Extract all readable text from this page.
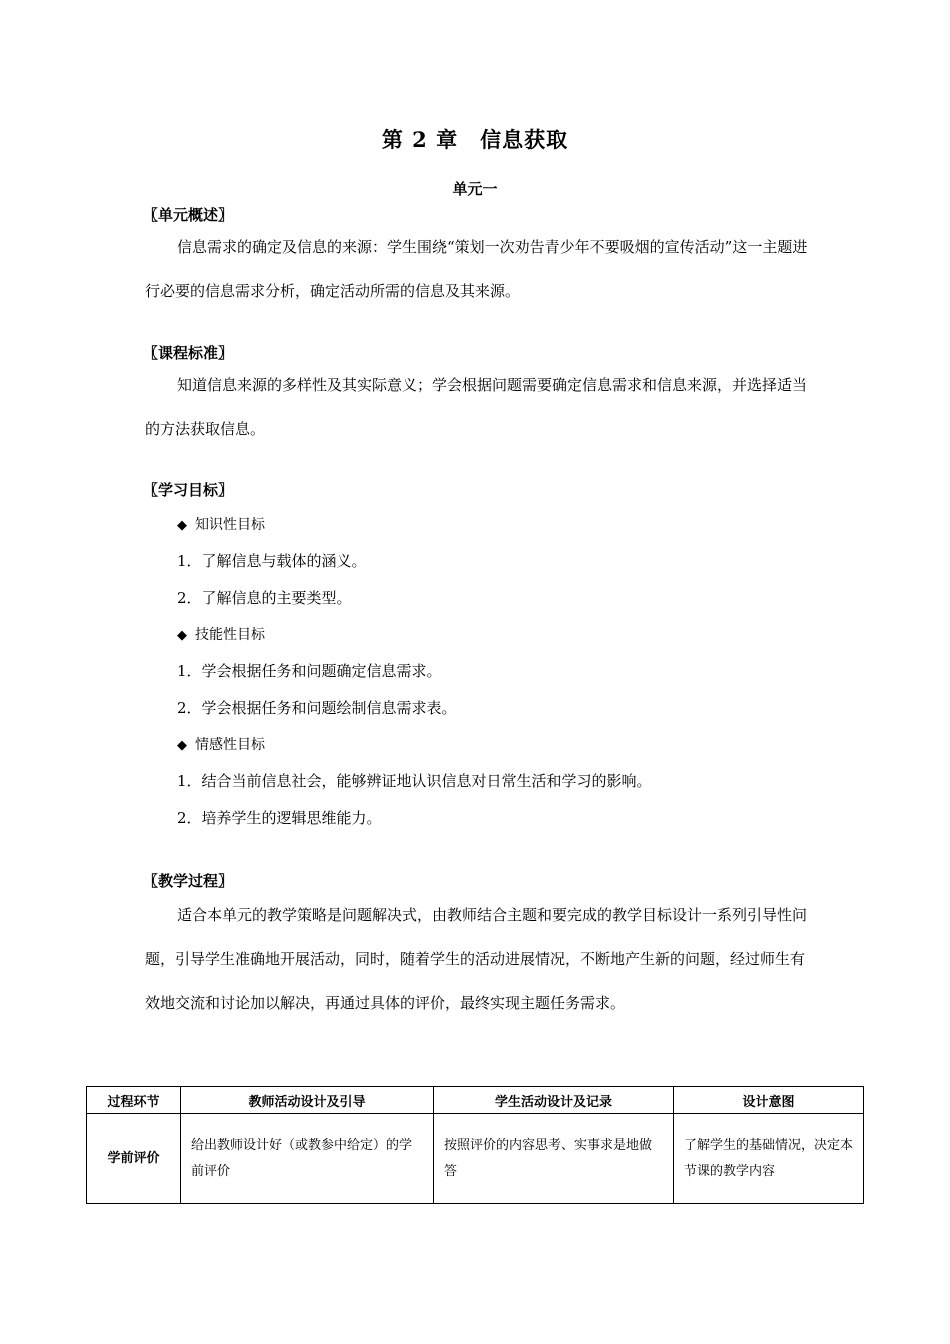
第 2 章 信息获取
单元一
〖单元概述〗

信息需求的确定及信息的来源：学生围绕“策划一次劝告青少年不要吸烟的宣传活动”这一主题进行必要的信息需求分析，确定活动所需的信息及其来源。

〖课程标准〗

知道信息来源的多样性及其实际意义；学会根据问题需要确定信息需求和信息来源，并选择适当的方法获取信息。

〖学习目标〗
◆ 知识性目标
1．了解信息与载体的涵义。
2．了解信息的主要类型。
◆ 技能性目标
1．学会根据任务和问题确定信息需求。
2．学会根据任务和问题绘制信息需求表。
◆ 情感性目标
1．结合当前信息社会，能够辨证地认识信息对日常生活和学习的影响。
2．培养学生的逻辑思维能力。
〖教学过程〗

适合本单元的教学策略是问题解决式，由教师结合主题和要完成的教学目标设计一系列引导性问题，引导学生准确地开展活动，同时，随着学生的活动进展情况，不断地产生新的问题，经过师生有效地交流和讨论加以解决，再通过具体的评价，最终实现主题任务需求。

过程环节	教师活动设计及引导	学生活动设计及记录	设计意图
学前评价	给出教师设计好（或教参中给定）的学前评价	按照评价的内容思考、实事求是地做答	了解学生的基础情况，决定本节课的教学内容
